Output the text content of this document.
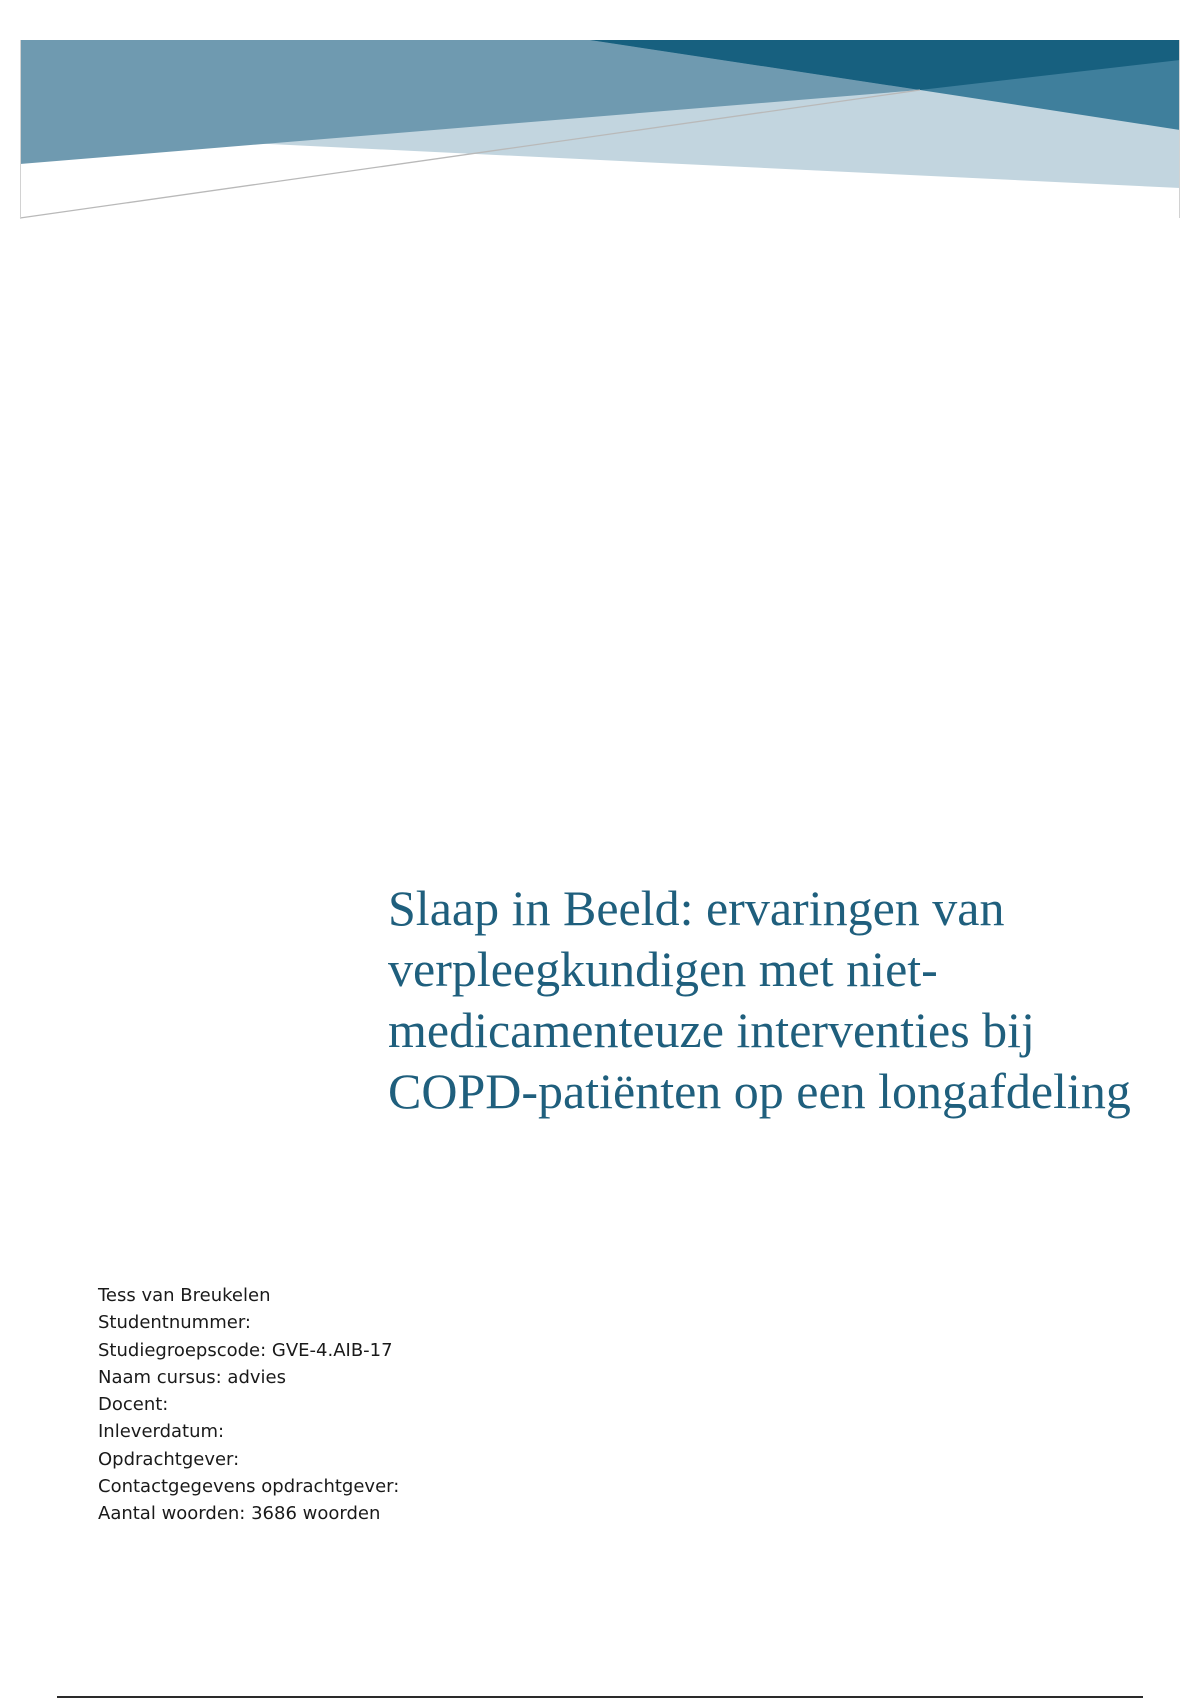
Slaap in Beeld: ervaringen van
verpleegkundigen met niet-
medicamenteuze interventies bij
COPD-patiënten op een longafdeling
Tess van Breukelen
Studentnummer:
Studiegroepscode: GVE-4.AIB-17
Naam cursus: advies
Docent:
Inleverdatum:
Opdrachtgever:
Contactgegevens opdrachtgever:
Aantal woorden: 3686 woorden
